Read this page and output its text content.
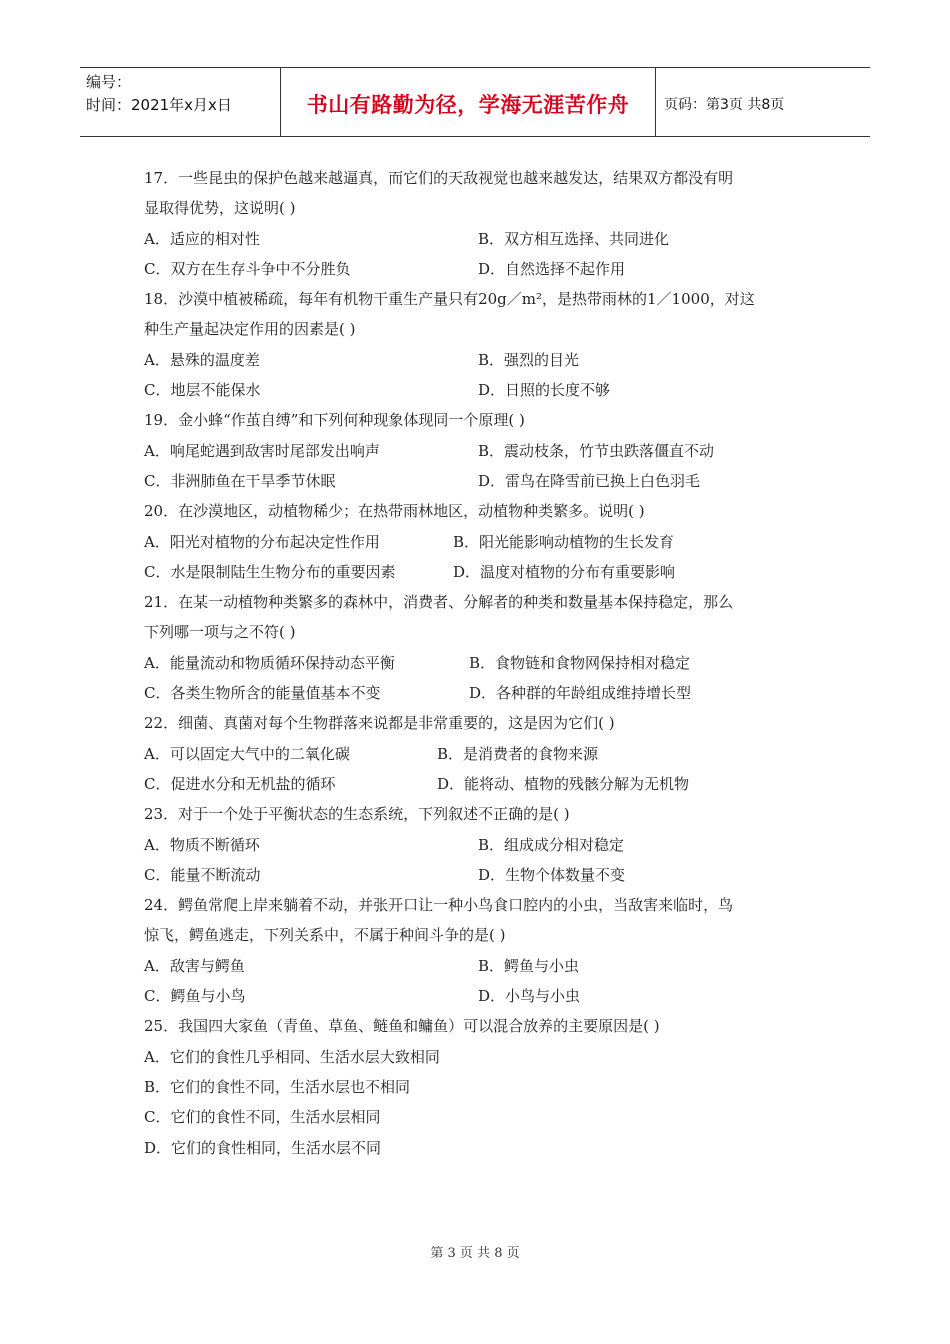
编号：
时间：2021年x月x日	书山有路勤为径，学海无涯苦作舟	页码：第3页 共8页
17．一些昆虫的保护色越来越逼真，而它们的天敌视觉也越来越发达，结果双方都没有明
显取得优势，这说明( )
A．适应的相对性	B．双方相互选择、共同进化
C．双方在生存斗争中不分胜负	D．自然选择不起作用
18．沙漠中植被稀疏，每年有机物干重生产量只有20g／m²，是热带雨林的1／1000，对这
种生产量起决定作用的因素是( )
A．悬殊的温度差	B．强烈的目光
C．地层不能保水	D．日照的长度不够
19．金小蜂“作茧自缚”和下列何种现象体现同一个原理( )
A．响尾蛇遇到敌害时尾部发出响声	B．震动枝条，竹节虫跌落僵直不动
C．非洲肺鱼在干旱季节休眠	D．雷鸟在降雪前已换上白色羽毛
20．在沙漠地区，动植物稀少；在热带雨林地区，动植物种类繁多。说明( )
A．阳光对植物的分布起决定性作用	B．阳光能影响动植物的生长发育
C．水是限制陆生生物分布的重要因素	D．温度对植物的分布有重要影响
21．在某一动植物种类繁多的森林中，消费者、分解者的种类和数量基本保持稳定，那么
下列哪一项与之不符( )
A．能量流动和物质循环保持动态平衡	B．食物链和食物网保持相对稳定
C．各类生物所含的能量值基本不变	D．各种群的年龄组成维持增长型
22．细菌、真菌对每个生物群落来说都是非常重要的，这是因为它们( )
A．可以固定大气中的二氧化碳	B．是消费者的食物来源
C．促进水分和无机盐的循环	D．能将动、植物的残骸分解为无机物
23．对于一个处于平衡状态的生态系统，下列叙述不正确的是( )
A．物质不断循环	B．组成成分相对稳定
C．能量不断流动	D．生物个体数量不变
24．鳄鱼常爬上岸来躺着不动，并张开口让一种小鸟食口腔内的小虫，当敌害来临时，鸟
惊飞，鳄鱼逃走，下列关系中，不属于种间斗争的是( )
A．敌害与鳄鱼	B．鳄鱼与小虫
C．鳄鱼与小鸟	D．小鸟与小虫
25．我国四大家鱼（青鱼、草鱼、鲢鱼和鳙鱼）可以混合放养的主要原因是( )
A．它们的食性几乎相同、生活水层大致相同
B．它们的食性不同，生活水层也不相同
C．它们的食性不同，生活水层相同
D．它们的食性相同，生活水层不同
第 3 页 共 8 页
